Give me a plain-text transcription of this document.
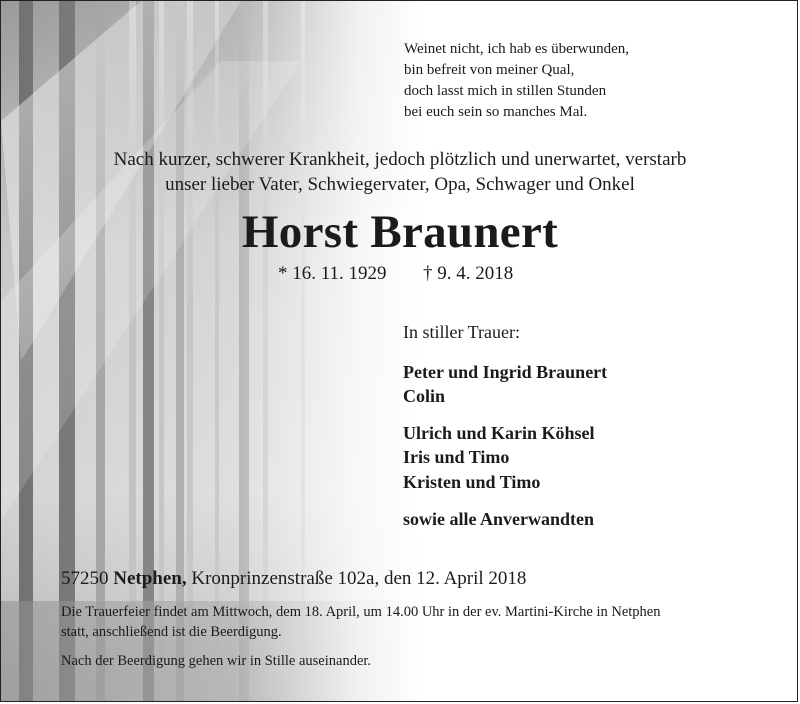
Weinet nicht, ich hab es überwunden,
bin befreit von meiner Qual,
doch lasst mich in stillen Stunden
bei euch sein so manches Mal.
Nach kurzer, schwerer Krankheit, jedoch plötzlich und unerwartet, verstarb
unser lieber Vater, Schwiegervater, Opa, Schwager und Onkel
Horst Braunert
* 16. 11. 1929 † 9. 4. 2018
In stiller Trauer:
Peter und Ingrid Braunert
Colin
Ulrich und Karin Köhsel
Iris und Timo
Kristen und Timo
sowie alle Anverwandten
57250 Netphen, Kronprinzenstraße 102a, den 12. April 2018
Die Trauerfeier findet am Mittwoch, dem 18. April, um 14.00 Uhr in der ev. Martini-Kirche in Netphen
statt, anschließend ist die Beerdigung.
Nach der Beerdigung gehen wir in Stille auseinander.
